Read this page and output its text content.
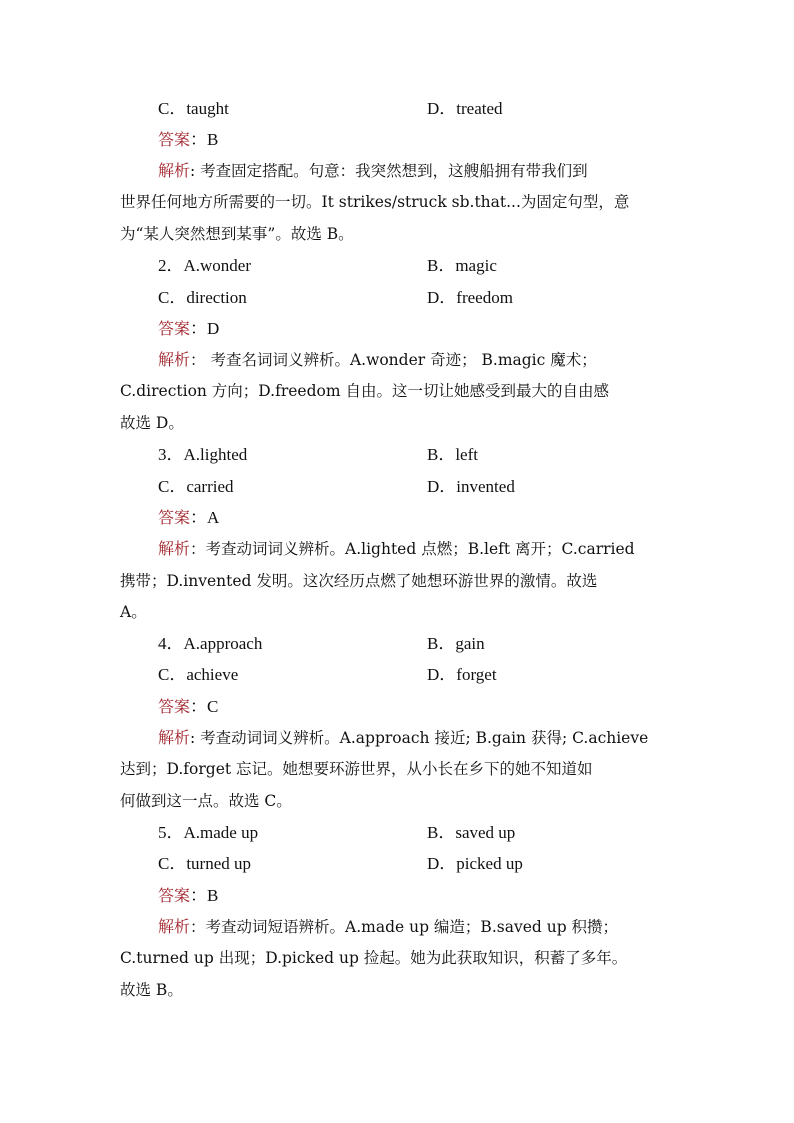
C．taught	D．treated
答案：B
解析: 考查固定搭配。句意：我突然想到，这艘船拥有带我们到
世界任何地方所需要的一切。It strikes/struck sb.that...为固定句型，意
为“某人突然想到某事”。故选 B。
2．A.wonder	B．magic
C．direction	D．freedom
答案：D
解析： 考查名词词义辨析。A.wonder 奇迹； B.magic 魔术；
C.direction 方向；D.freedom 自由。这一切让她感受到最大的自由感
故选 D。
3．A.lighted	B．left
C．carried	D．invented
答案：A
解析：考查动词词义辨析。A.lighted 点燃；B.left 离开；C.carried
携带；D.invented 发明。这次经历点燃了她想环游世界的激情。故选
A。
4．A.approach	B．gain
C．achieve	D．forget
答案：C
解析: 考查动词词义辨析。A.approach 接近; B.gain 获得; C.achieve
达到；D.forget 忘记。她想要环游世界，从小长在乡下的她不知道如
何做到这一点。故选 C。
5．A.made up	B．saved up
C．turned up	D．picked up
答案：B
解析：考查动词短语辨析。A.made up 编造；B.saved up 积攒；
C.turned up 出现；D.picked up 捡起。她为此获取知识，积蓄了多年。
故选 B。
